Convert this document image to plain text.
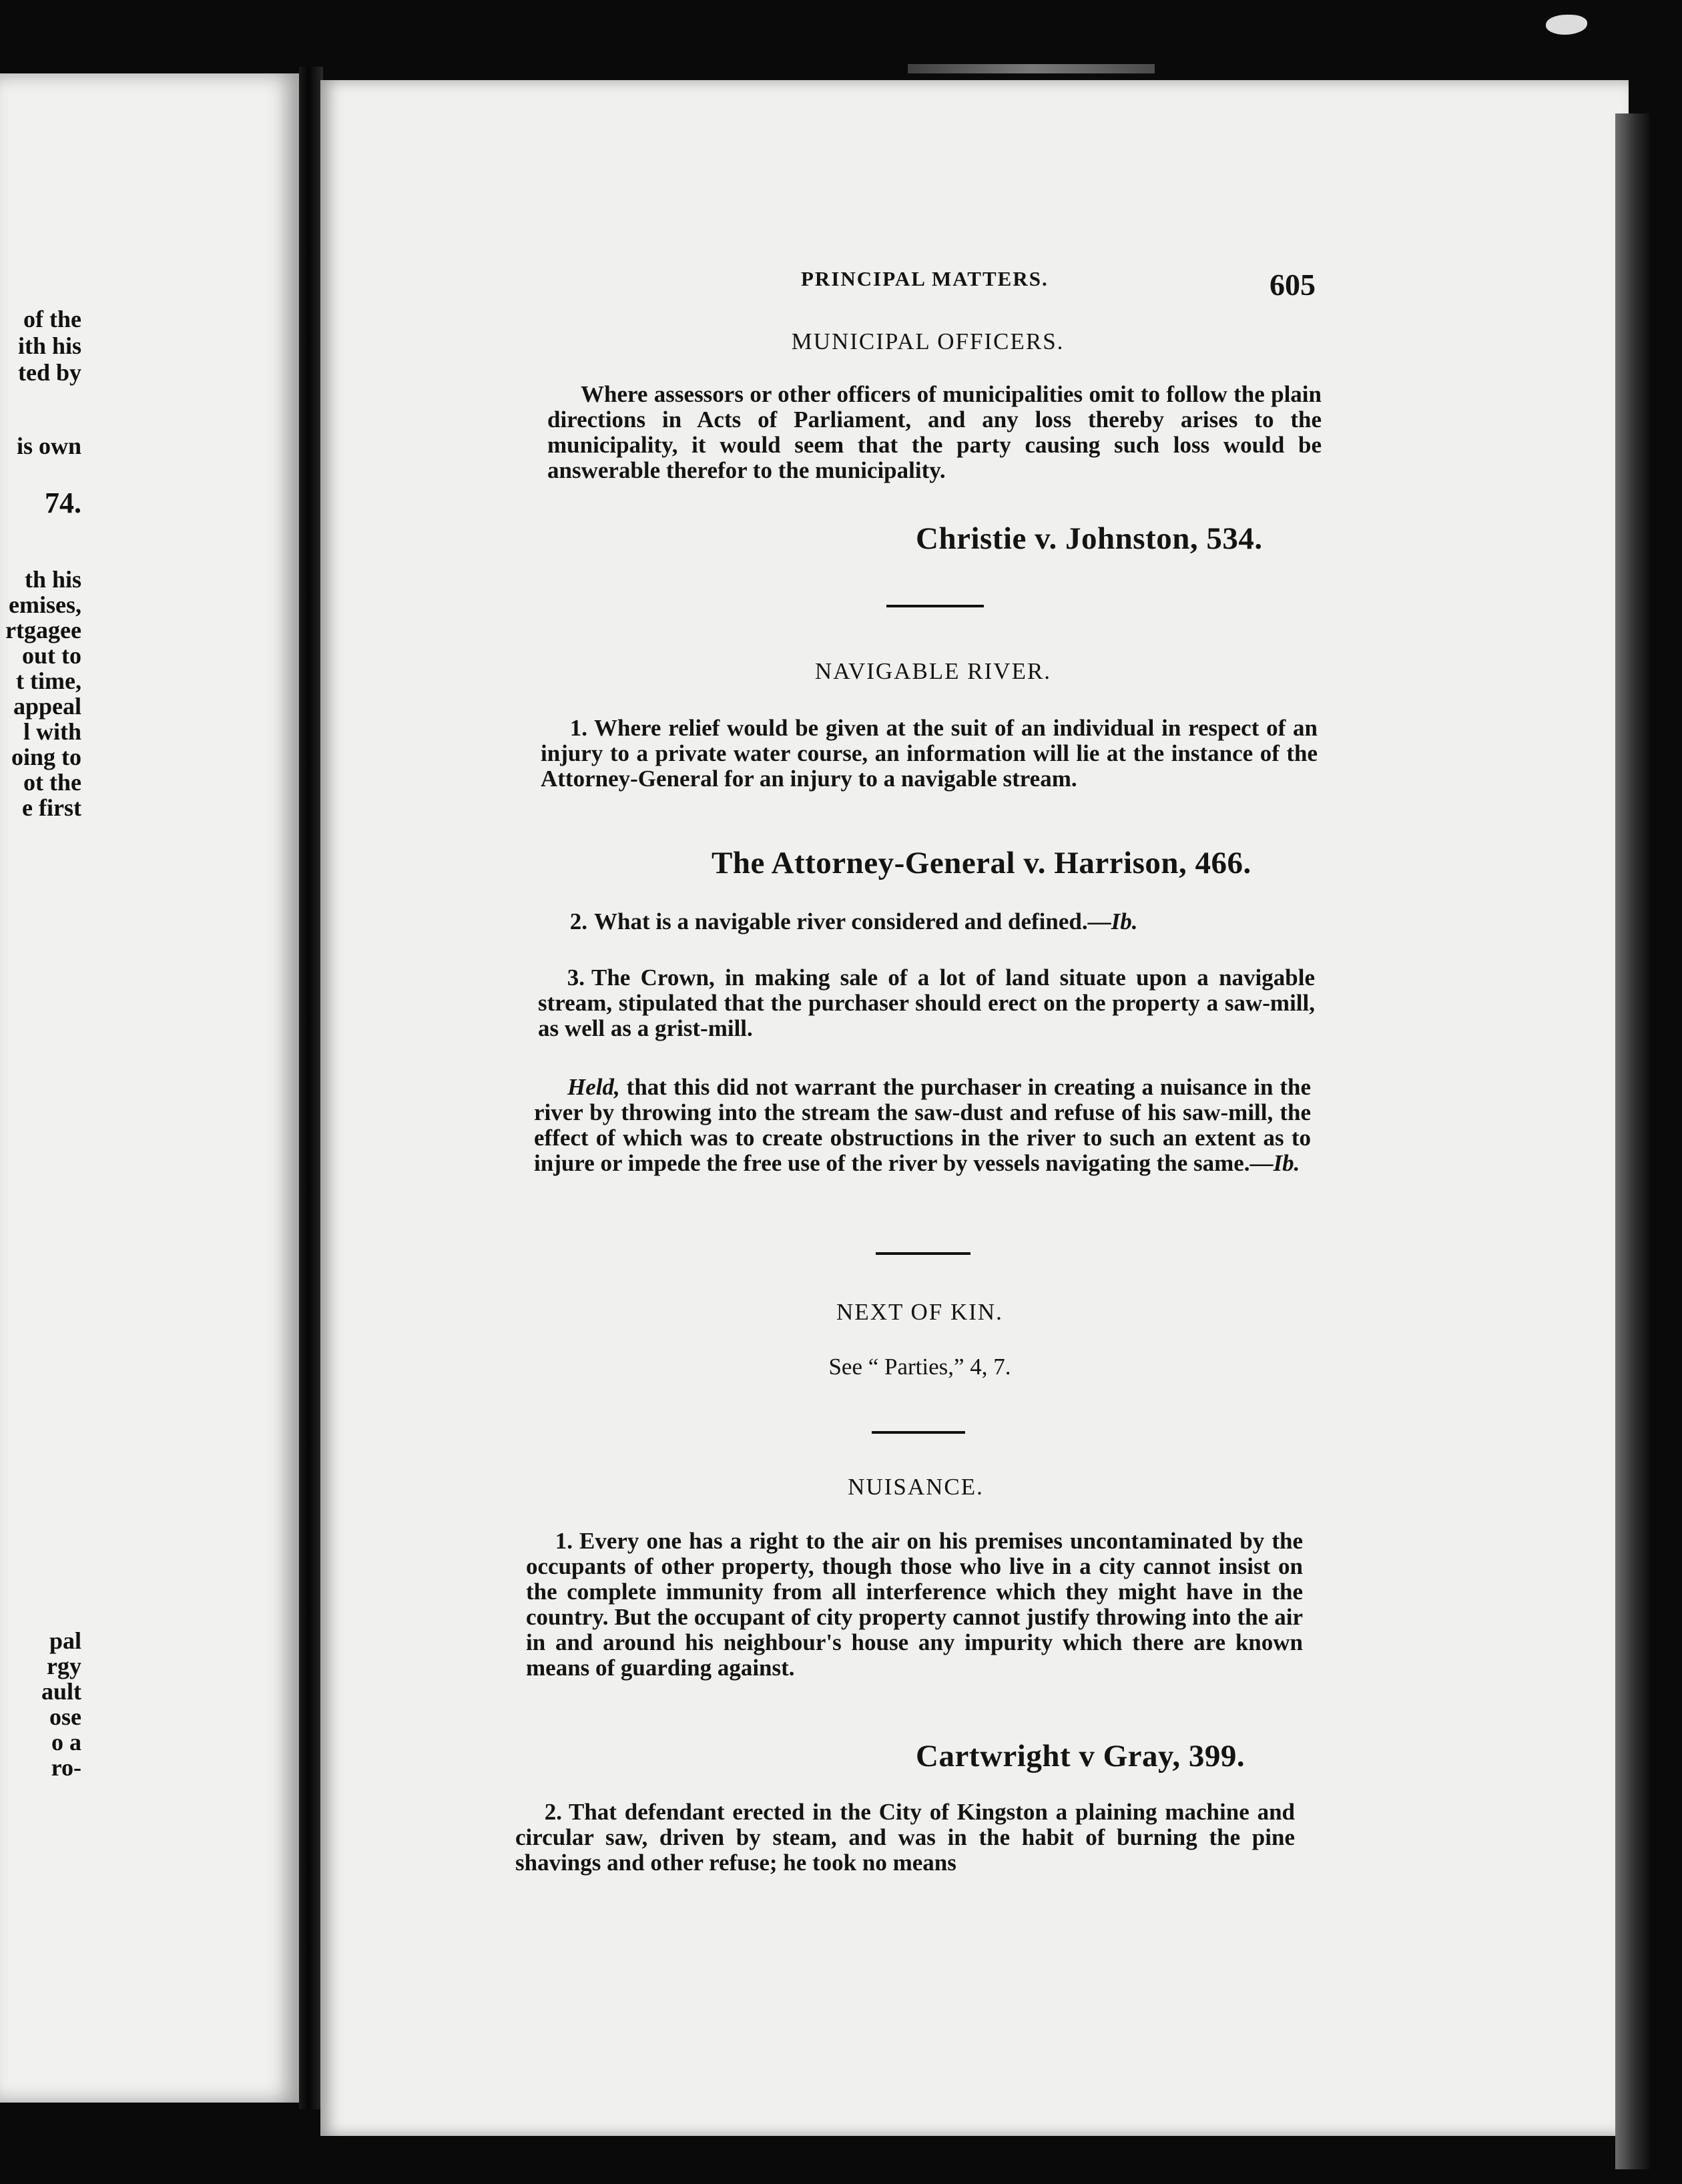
of the
ith his
ted by
is own
74.
th his
emises,
rtgagee
out to
t time,
appeal
l with
oing to
ot the
e first
pal
rgy
ault
ose
o a
ro-
PRINCIPAL MATTERS.	605
MUNICIPAL OFFICERS.
Where assessors or other officers of municipalities omit to follow the plain directions in Acts of Parliament, and any loss thereby arises to the municipality, it would seem that the party causing such loss would be answerable therefor to the municipality.
Christie v. Johnston, 534.
NAVIGABLE RIVER.
1. Where relief would be given at the suit of an individual in respect of an injury to a private water course, an information will lie at the instance of the Attorney-General for an injury to a navigable stream.
The Attorney-General v. Harrison, 466.
2. What is a navigable river considered and defined.—Ib.
3. The Crown, in making sale of a lot of land situate upon a navigable stream, stipulated that the purchaser should erect on the property a saw-mill, as well as a grist-mill.
Held, that this did not warrant the purchaser in creating a nuisance in the river by throwing into the stream the saw-dust and refuse of his saw-mill, the effect of which was to create obstructions in the river to such an extent as to injure or impede the free use of the river by vessels navigating the same.—Ib.
NEXT OF KIN.
See “ Parties,” 4, 7.
NUISANCE.
1. Every one has a right to the air on his premises uncontaminated by the occupants of other property, though those who live in a city cannot insist on the complete immunity from all interference which they might have in the country. But the occupant of city property cannot justify throwing into the air in and around his neighbour's house any impurity which there are known means of guarding against.
Cartwright v Gray, 399.
2. That defendant erected in the City of Kingston a plaining machine and circular saw, driven by steam, and was in the habit of burning the pine shavings and other refuse; he took no means
